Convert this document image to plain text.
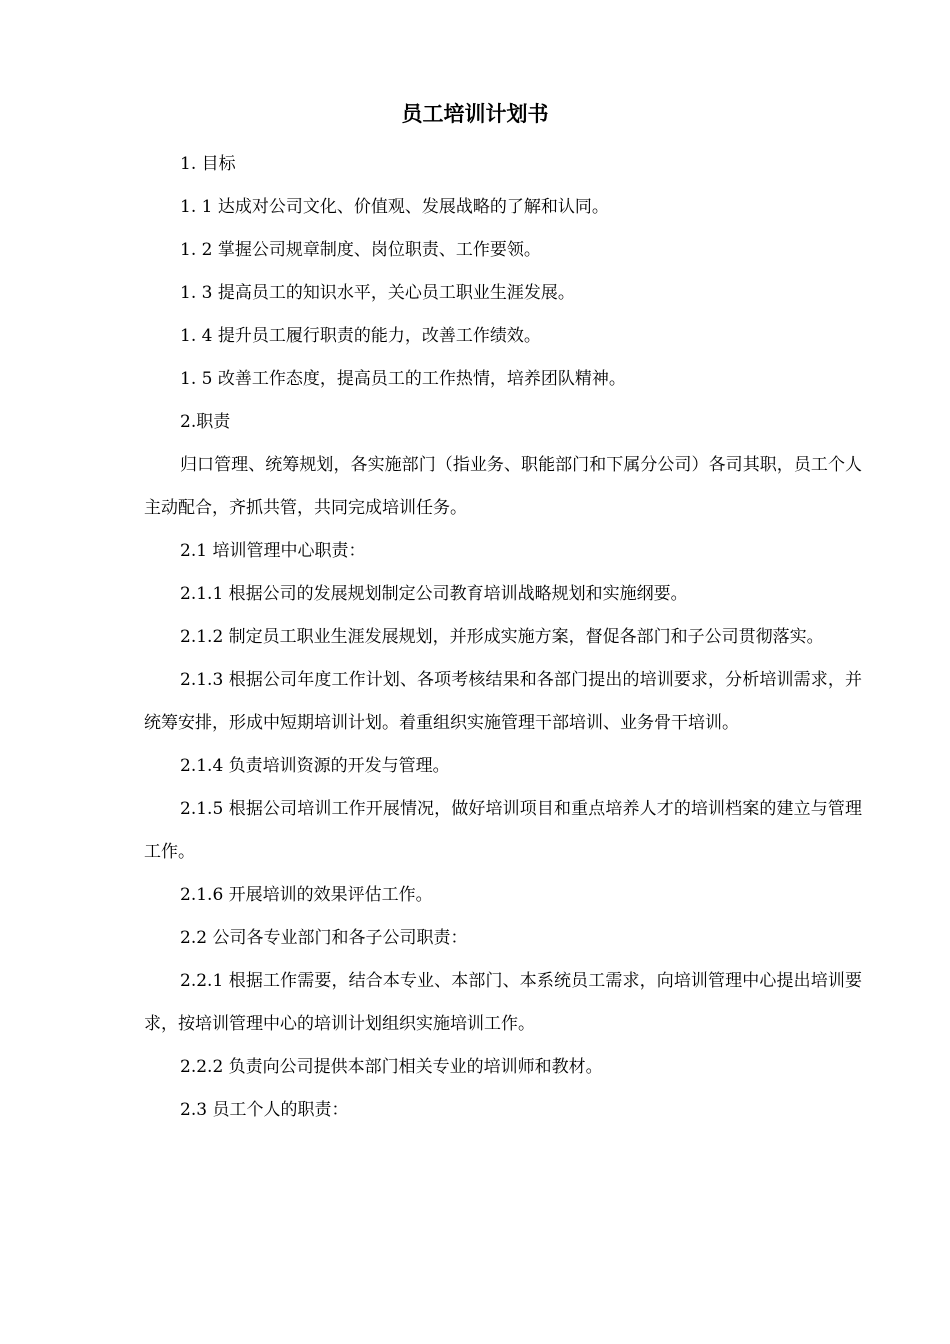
员工培训计划书

1. 目标

1. 1 达成对公司文化、价值观、发展战略的了解和认同。

1. 2 掌握公司规章制度、岗位职责、工作要领。

1. 3 提高员工的知识水平，关心员工职业生涯发展。

1. 4 提升员工履行职责的能力，改善工作绩效。

1. 5 改善工作态度，提高员工的工作热情，培养团队精神。

2.职责

归口管理、统筹规划，各实施部门（指业务、职能部门和下属分公司）各司其职，员工个人主动配合，齐抓共管，共同完成培训任务。

2.1 培训管理中心职责：

2.1.1 根据公司的发展规划制定公司教育培训战略规划和实施纲要。

2.1.2 制定员工职业生涯发展规划，并形成实施方案，督促各部门和子公司贯彻落实。

2.1.3 根据公司年度工作计划、各项考核结果和各部门提出的培训要求，分析培训需求，并统筹安排，形成中短期培训计划。着重组织实施管理干部培训、业务骨干培训。

2.1.4 负责培训资源的开发与管理。

2.1.5 根据公司培训工作开展情况，做好培训项目和重点培养人才的培训档案的建立与管理工作。

2.1.6 开展培训的效果评估工作。

2.2 公司各专业部门和各子公司职责：

2.2.1 根据工作需要，结合本专业、本部门、本系统员工需求，向培训管理中心提出培训要求，按培训管理中心的培训计划组织实施培训工作。

2.2.2 负责向公司提供本部门相关专业的培训师和教材。

2.3 员工个人的职责：
